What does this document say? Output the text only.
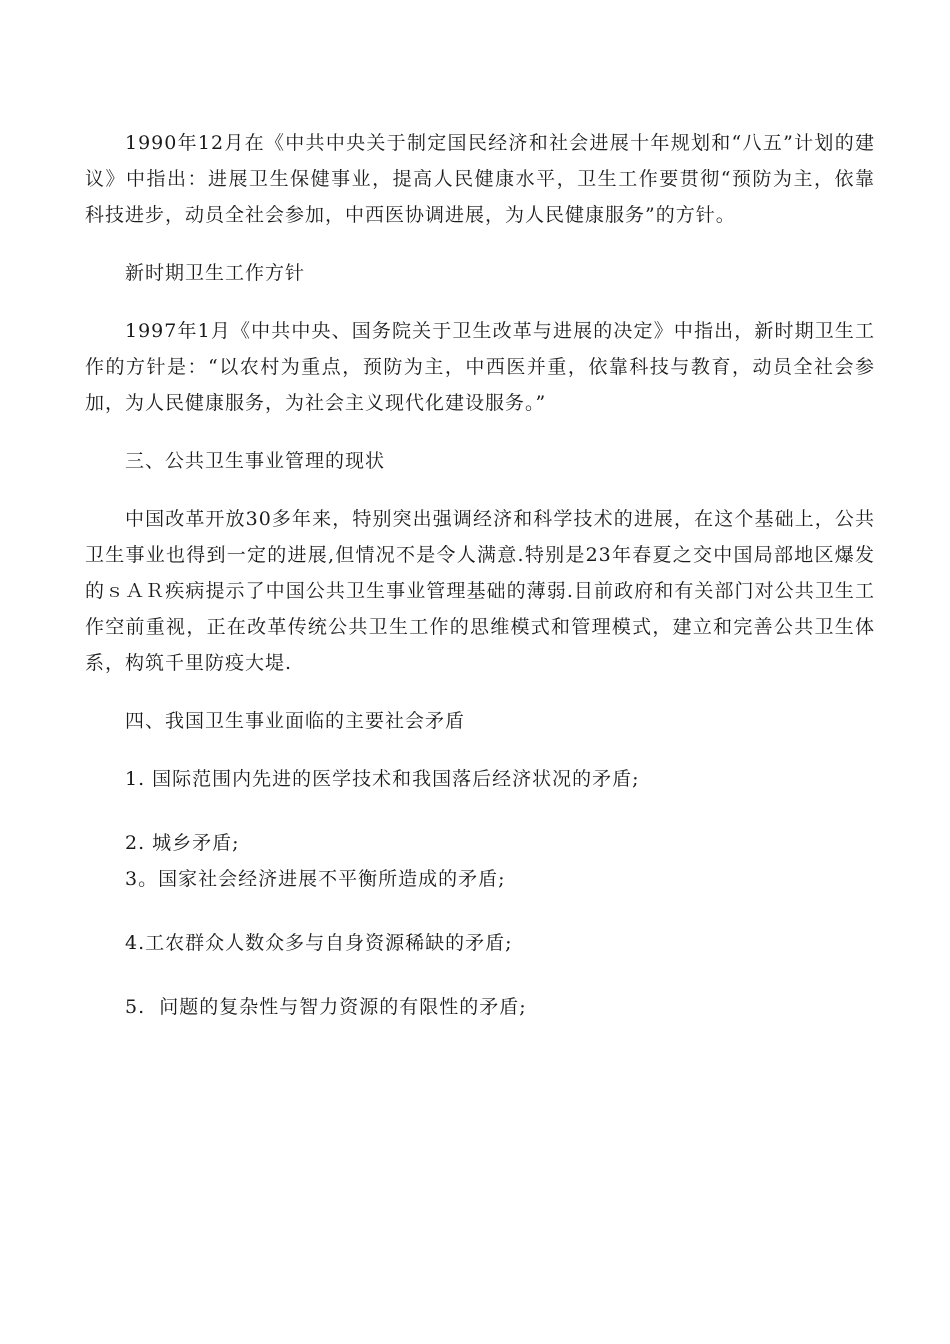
1990年12月在《中共中央关于制定国民经济和社会进展十年规划和“八五”计划的建议》中指出：进展卫生保健事业，提高人民健康水平，卫生工作要贯彻“预防为主，依靠科技进步，动员全社会参加，中西医协调进展，为人民健康服务”的方针。

新时期卫生工作方针

1997年1月《中共中央、国务院关于卫生改革与进展的决定》中指出，新时期卫生工作的方针是：“以农村为重点，预防为主，中西医并重，依靠科技与教育，动员全社会参加，为人民健康服务，为社会主义现代化建设服务。”

三、公共卫生事业管理的现状

中国改革开放30多年来，特别突出强调经济和科学技术的进展，在这个基础上，公共卫生事业也得到一定的进展,但情况不是令人满意.特别是23年春夏之交中国局部地区爆发的ｓＡＲ疾病提示了中国公共卫生事业管理基础的薄弱.目前政府和有关部门对公共卫生工作空前重视，正在改革传统公共卫生工作的思维模式和管理模式，建立和完善公共卫生体系，构筑千里防疫大堤.

四、我国卫生事业面临的主要社会矛盾

1. 国际范围内先进的医学技术和我国落后经济状况的矛盾;

2. 城乡矛盾;

3。国家社会经济进展不平衡所造成的矛盾;

4.工农群众人数众多与自身资源稀缺的矛盾;

5.  问题的复杂性与智力资源的有限性的矛盾;
